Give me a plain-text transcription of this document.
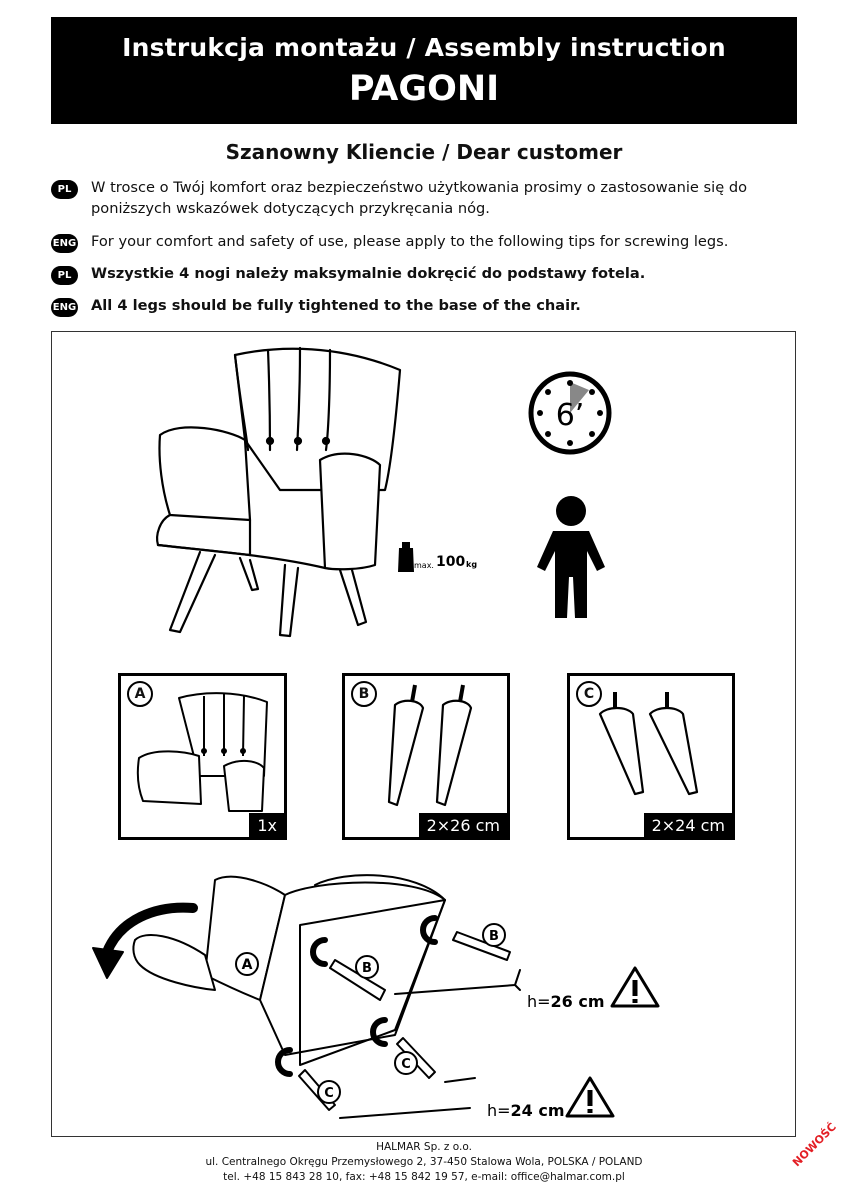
Instrukcja montażu / Assembly instruction
PAGONI
Szanowny Kliencie / Dear customer
PL	W trosce o Twój komfort oraz bezpieczeństwo użytkowania prosimy o zastosowanie się do poniższych wskazówek dotyczących przykręcania nóg.
ENG For your comfort and safety of use, please apply to the following tips for screwing legs.
PL	Wszystkie 4 nogi należy maksymalnie dokręcić do podstawy fotela.
ENG All 4 legs should be fully tightened to the base of the chair.
6’
max. 100 kg
A
1x
B
2×26 cm
C
2×24 cm
A	B
B
C
C
h=26 cm
h=24 cm
HALMAR Sp. z o.o.
ul. Centralnego Okręgu Przemysłowego 2, 37-450 Stalowa Wola, POLSKA / POLAND
tel. +48 15 843 28 10, fax: +48 15 842 19 57, e-mail: office@halmar.com.pl
NOWOŚĆ
